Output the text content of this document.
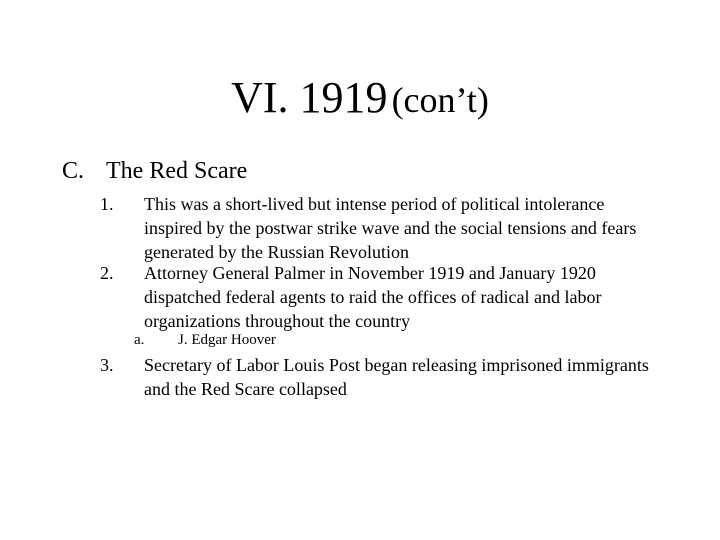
VI. 1919 (con’t)
C. The Red Scare
1. This was a short-lived but intense period of political intolerance inspired by the postwar strike wave and the social tensions and fears generated by the Russian Revolution
2. Attorney General Palmer in November 1919 and January 1920 dispatched federal agents to raid the offices of radical and labor organizations throughout the country
a. J. Edgar Hoover
3. Secretary of Labor Louis Post began releasing imprisoned immigrants and the Red Scare collapsed
